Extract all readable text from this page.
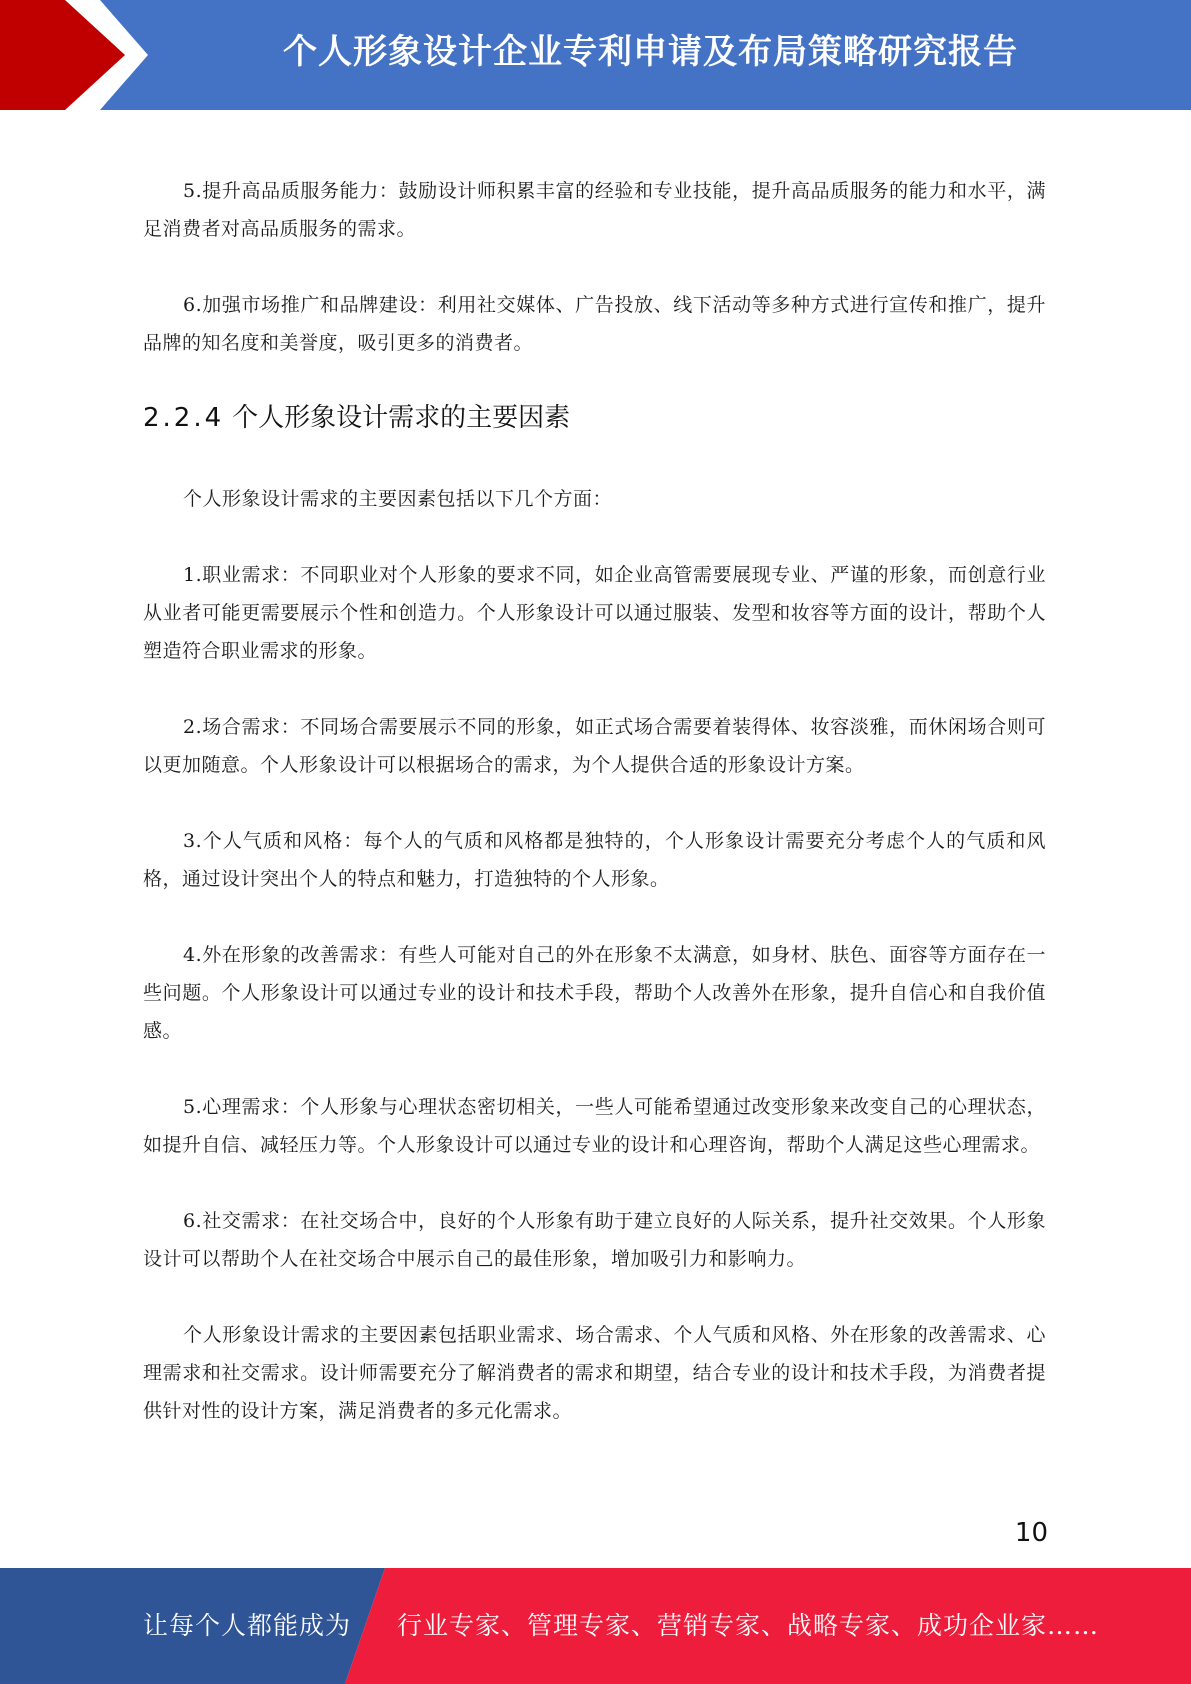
个人形象设计企业专利申请及布局策略研究报告

5.提升高品质服务能力：鼓励设计师积累丰富的经验和专业技能，提升高品质服务的能力和水平，满足消费者对高品质服务的需求。

6.加强市场推广和品牌建设：利用社交媒体、广告投放、线下活动等多种方式进行宣传和推广，提升品牌的知名度和美誉度，吸引更多的消费者。

2.2.4 个人形象设计需求的主要因素

个人形象设计需求的主要因素包括以下几个方面：

1.职业需求：不同职业对个人形象的要求不同，如企业高管需要展现专业、严谨的形象，而创意行业从业者可能更需要展示个性和创造力。个人形象设计可以通过服装、发型和妆容等方面的设计，帮助个人塑造符合职业需求的形象。

2.场合需求：不同场合需要展示不同的形象，如正式场合需要着装得体、妆容淡雅，而休闲场合则可以更加随意。个人形象设计可以根据场合的需求，为个人提供合适的形象设计方案。

3.个人气质和风格：每个人的气质和风格都是独特的，个人形象设计需要充分考虑个人的气质和风格，通过设计突出个人的特点和魅力，打造独特的个人形象。

4.外在形象的改善需求：有些人可能对自己的外在形象不太满意，如身材、肤色、面容等方面存在一些问题。个人形象设计可以通过专业的设计和技术手段，帮助个人改善外在形象，提升自信心和自我价值感。

5.心理需求：个人形象与心理状态密切相关，一些人可能希望通过改变形象来改变自己的心理状态，如提升自信、减轻压力等。个人形象设计可以通过专业的设计和心理咨询，帮助个人满足这些心理需求。

6.社交需求：在社交场合中，良好的个人形象有助于建立良好的人际关系，提升社交效果。个人形象设计可以帮助个人在社交场合中展示自己的最佳形象，增加吸引力和影响力。

个人形象设计需求的主要因素包括职业需求、场合需求、个人气质和风格、外在形象的改善需求、心理需求和社交需求。设计师需要充分了解消费者的需求和期望，结合专业的设计和技术手段，为消费者提供针对性的设计方案，满足消费者的多元化需求。

10
让每个人都能成为 行业专家、管理专家、营销专家、战略专家、成功企业家……
